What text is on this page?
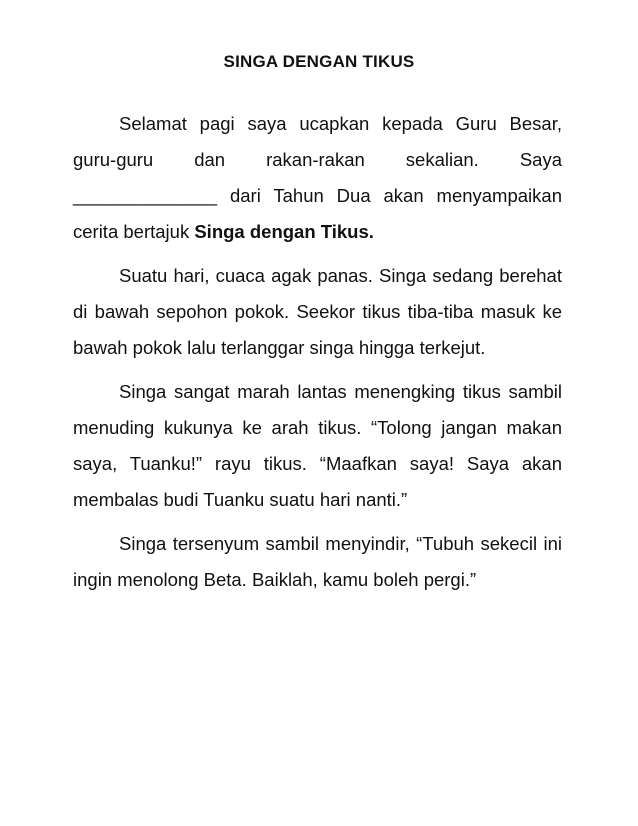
SINGA DENGAN TIKUS

Selamat pagi saya ucapkan kepada Guru Besar, guru-guru dan rakan-rakan sekalian. Saya ______________ dari Tahun Dua akan menyampaikan cerita bertajuk Singa dengan Tikus.

Suatu hari, cuaca agak panas. Singa sedang berehat di bawah sepohon pokok. Seekor tikus tiba-tiba masuk ke bawah pokok lalu terlanggar singa hingga terkejut.

Singa sangat marah lantas menengking tikus sambil menuding kukunya ke arah tikus. “Tolong jangan makan saya, Tuanku!” rayu tikus. “Maafkan saya! Saya akan membalas budi Tuanku suatu hari nanti.”

Singa tersenyum sambil menyindir, “Tubuh sekecil ini ingin menolong Beta. Baiklah, kamu boleh pergi.”
